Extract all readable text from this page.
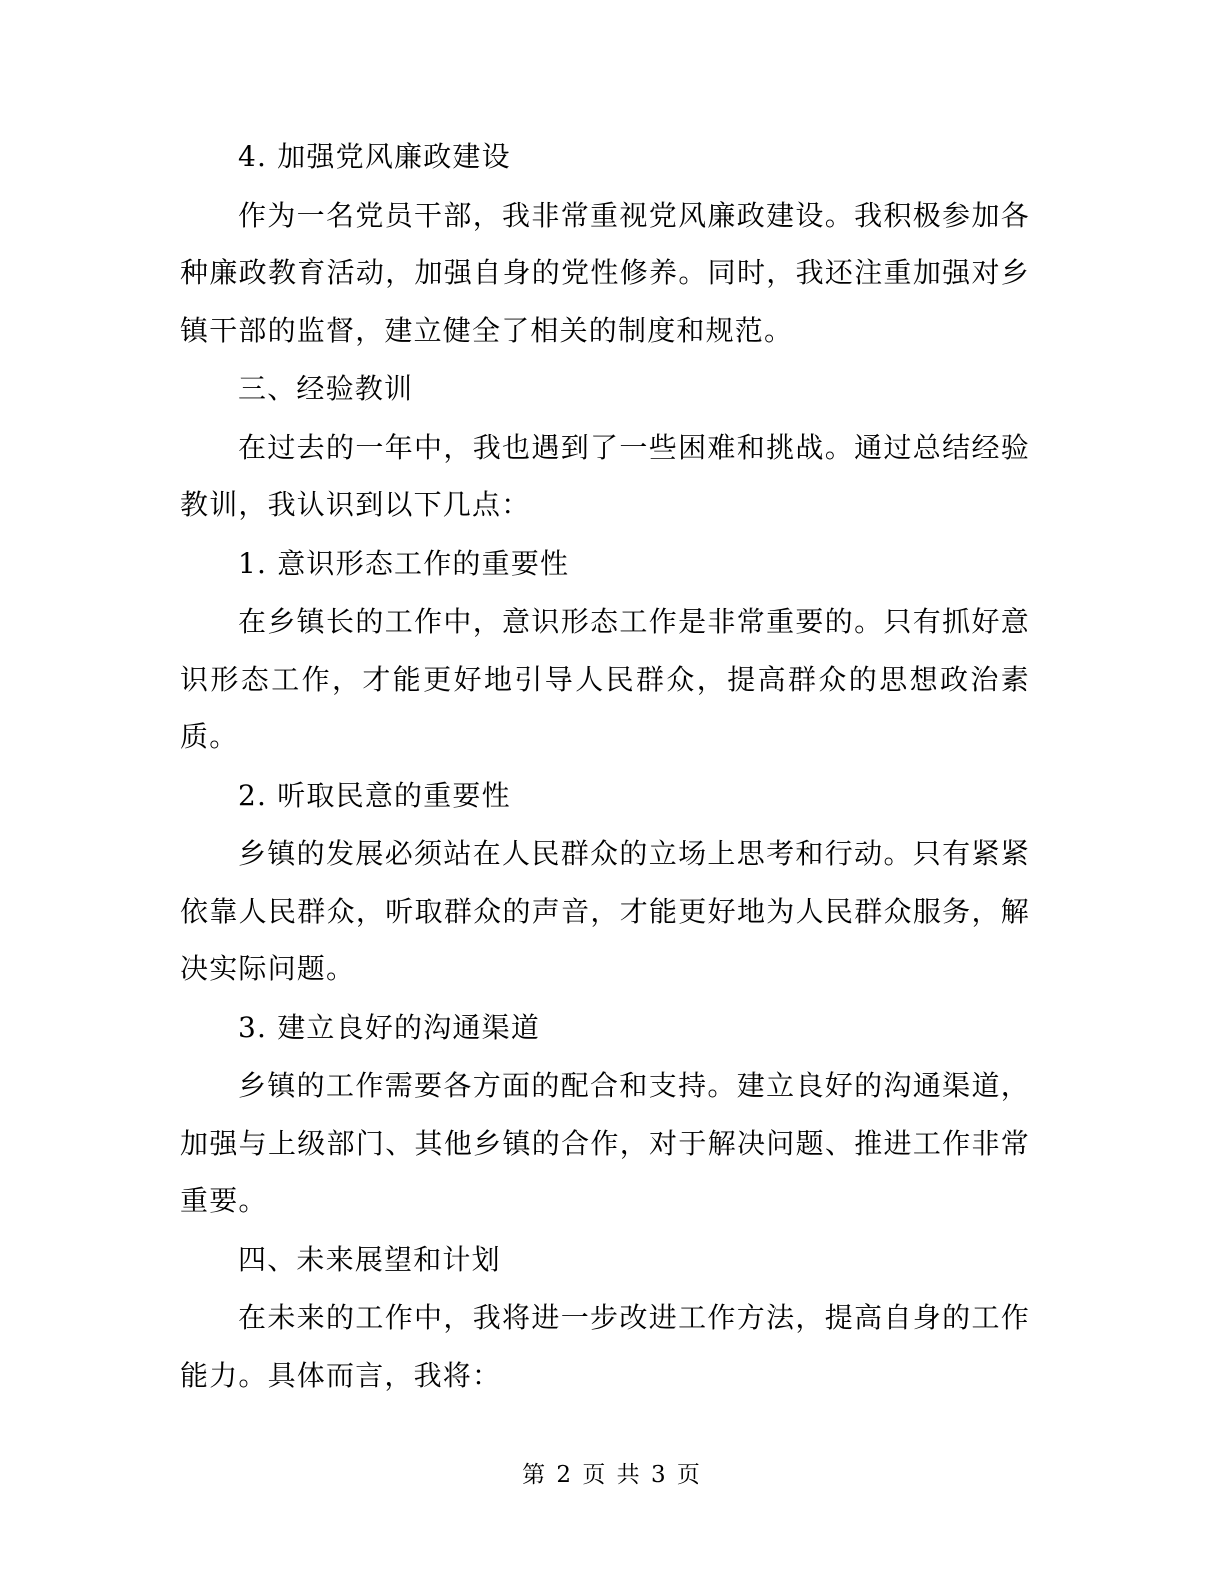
4. 加强党风廉政建设

作为一名党员干部，我非常重视党风廉政建设。我积极参加各种廉政教育活动，加强自身的党性修养。同时，我还注重加强对乡镇干部的监督，建立健全了相关的制度和规范。

三、经验教训

在过去的一年中，我也遇到了一些困难和挑战。通过总结经验教训，我认识到以下几点：

1. 意识形态工作的重要性

在乡镇长的工作中，意识形态工作是非常重要的。只有抓好意识形态工作，才能更好地引导人民群众，提高群众的思想政治素质。

2. 听取民意的重要性

乡镇的发展必须站在人民群众的立场上思考和行动。只有紧紧依靠人民群众，听取群众的声音，才能更好地为人民群众服务，解决实际问题。

3. 建立良好的沟通渠道

乡镇的工作需要各方面的配合和支持。建立良好的沟通渠道，加强与上级部门、其他乡镇的合作，对于解决问题、推进工作非常重要。

四、未来展望和计划

在未来的工作中，我将进一步改进工作方法，提高自身的工作能力。具体而言，我将：

第 2 页 共 3 页
